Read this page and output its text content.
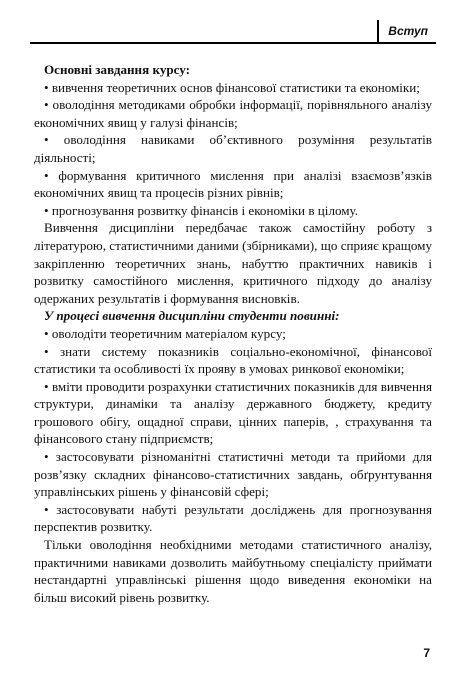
Вступ

Основні завдання курсу:

• вивчення теоретичних основ фінансової статистики та економіки;

• оволодіння методиками обробки інформації, порівняльного аналізу економічних явищ у галузі фінансів;

• оволодіння навиками об’єктивного розуміння результатів діяльності;

• формування критичного мислення при аналізі взаємозв’язків економічних явищ та процесів різних рівнів;

• прогнозування розвитку фінансів і економіки в цілому.

Вивчення дисципліни передбачає також самостійну роботу з літературою, статистичними даними (збірниками), що сприяє кращому закріпленню теоретичних знань, набуттю практичних навиків і розвитку самостійного мислення, критичного підходу до аналізу одержаних результатів і формування висновків.

У процесі вивчення дисципліни студенти повинні:

• оволодіти теоретичним матеріалом курсу;

• знати систему показників соціально-економічної, фінансової статистики та особливості їх прояву в умовах ринкової економіки;

• вміти проводити розрахунки статистичних показників для вивчення структури, динаміки та аналізу державного бюджету, кредиту грошового обігу, ощадної справи, цінних паперів, , страхування та фінансового стану підприємств;

• застосовувати різноманітні статистичні методи та прийоми для розв’язку складних фінансово-статистичних завдань, обґрунтування управлінських рішень у фінансовій сфері;

• застосовувати набуті результати досліджень для прогнозування перспектив розвитку.

Тільки оволодіння необхідними методами статистичного аналізу, практичними навиками дозволить майбутньому спеціалісту приймати нестандартні управлінські рішення щодо виведення економіки на більш високий рівень розвитку.

7
